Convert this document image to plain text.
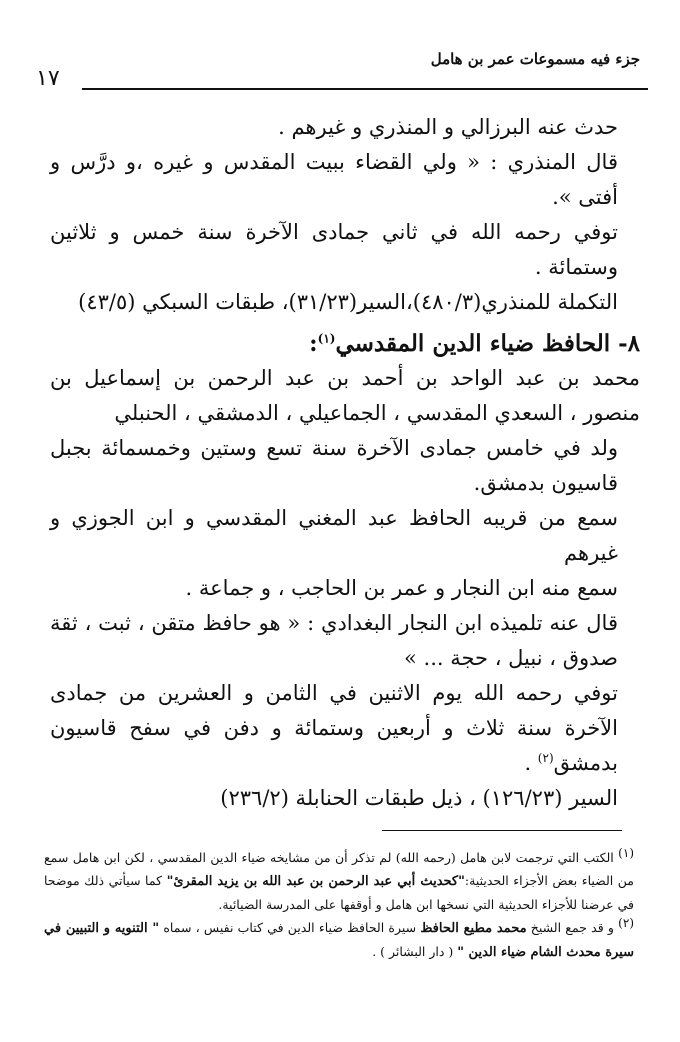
جزء فيه مسموعات عمر بن هامل
١٧

حدث عنه البرزالي و المنذري و غيرهم .

قال المنذري : « ولي القضاء ببيت المقدس و غيره ،و درَّس و أفتى ».

توفي رحمه الله في ثاني جمادى الآخرة سنة خمس و ثلاثين وستمائة .

التكملة للمنذري(٤٨٠/٣)،السير(٣١/٢٣)، طبقات السبكي (٤٣/٥)

٨- الحافظ ضياء الدين المقدسي$^{(١)}$:

محمد بن عبد الواحد بن أحمد بن عبد الرحمن بن إسماعيل بن منصور ، السعدي المقدسي ، الجماعيلي ، الدمشقي ، الحنبلي

ولد في خامس جمادى الآخرة سنة تسع وستين وخمسمائة بجبل قاسيون بدمشق.

سمع من قريبه الحافظ عبد المغني المقدسي و ابن الجوزي و غيرهم

سمع منه ابن النجار و عمر بن الحاجب ، و جماعة .

قال عنه تلميذه ابن النجار البغدادي : « هو حافظ متقن ، ثبت ، ثقة صدوق ، نبيل ، حجة ... »

توفي رحمه الله يوم الاثنين في الثامن و العشرين من جمادى الآخرة سنة ثلاث و أربعين وستمائة و دفن في سفح قاسيون بدمشق$^{(٢)}$ .

السير (١٢٦/٢٣) ، ذيل طبقات الحنابلة (٢٣٦/٢)

$^{(١)}$ الكتب التي ترجمت لابن هامل (رحمه الله) لم تذكر أن من مشايخه ضياء الدين المقدسي ، لكن ابن هامل سمع من الضياء بعض الأجزاء الحديثية:"كحديث أبي عبد الرحمن بن عبد الله بن يزيد المقرئ" كما سيأتي ذلك موضحا في عرضنا للأجزاء الحديثية التي نسخها ابن هامل و أوقفها على المدرسة الضيائية.

$^{(٢)}$ و قد جمع الشيخ محمد مطيع الحافظ سيرة الحافظ ضياء الدين في كتاب نفيس ، سماه " التنويه و التبيين في سيرة محدث الشام ضياء الدين " ( دار البشائر ) .
